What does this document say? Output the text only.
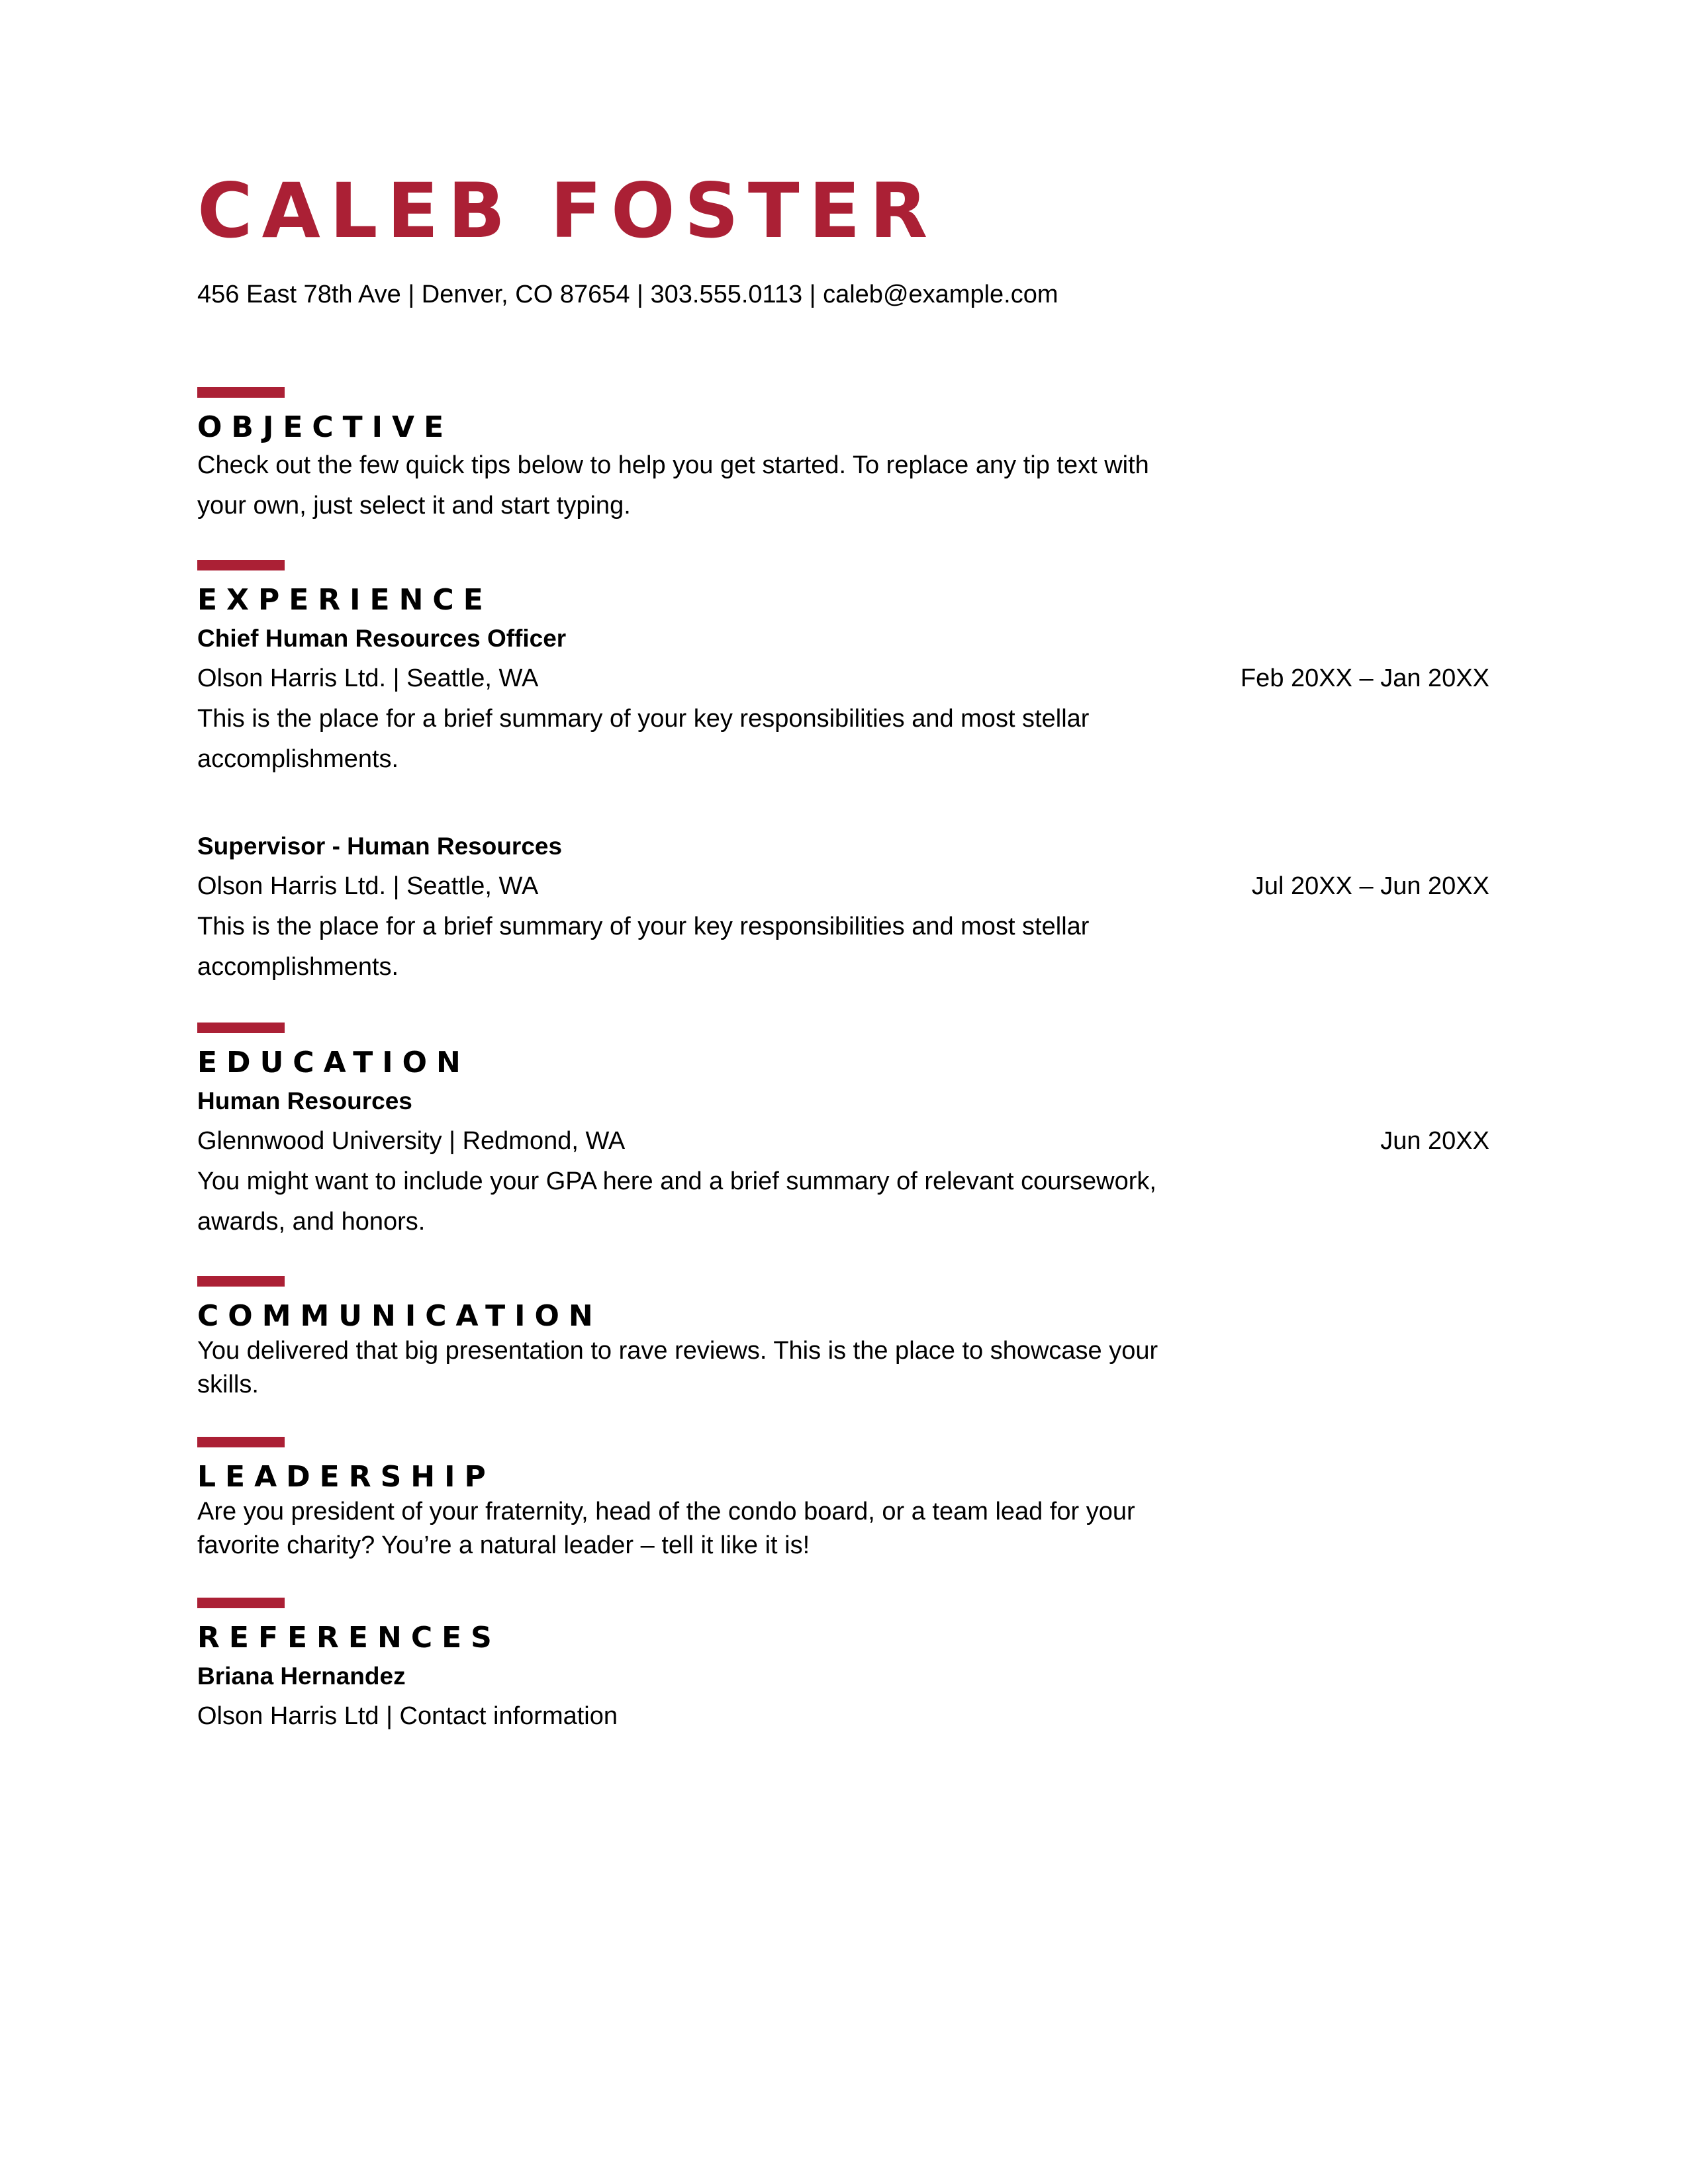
CALEB FOSTER
456 East 78th Ave | Denver, CO 87654 | 303.555.0113 | caleb@example.com
OBJECTIVE
Check out the few quick tips below to help you get started. To replace any tip text with your own, just select it and start typing.
EXPERIENCE
Chief Human Resources Officer
Olson Harris Ltd. | Seattle, WA	Feb 20XX – Jan 20XX
This is the place for a brief summary of your key responsibilities and most stellar accomplishments.
Supervisor - Human Resources
Olson Harris Ltd. | Seattle, WA	Jul 20XX – Jun 20XX
This is the place for a brief summary of your key responsibilities and most stellar accomplishments.
EDUCATION
Human Resources
Glennwood University | Redmond, WA	Jun 20XX
You might want to include your GPA here and a brief summary of relevant coursework, awards, and honors.
COMMUNICATION
You delivered that big presentation to rave reviews. This is the place to showcase your skills.
LEADERSHIP
Are you president of your fraternity, head of the condo board, or a team lead for your favorite charity? You’re a natural leader – tell it like it is!
REFERENCES
Briana Hernandez
Olson Harris Ltd | Contact information
